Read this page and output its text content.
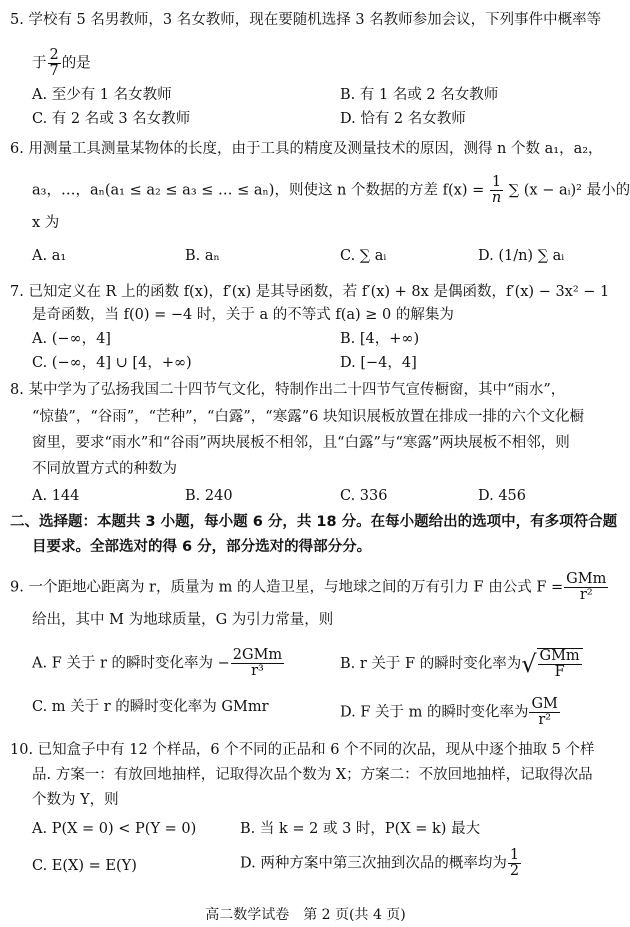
5. 学校有 5 名男教师，3 名女教师，现在要随机选择 3 名教师参加会议，下列事件中概率等
于 $\frac{2}{7}$ 的是
A. 至少有 1 名女教师	B. 有 1 名或 2 名女教师
C. 有 2 名或 3 名女教师	D. 恰有 2 名女教师
6. 用测量工具测量某物体的长度，由于工具的精度及测量技术的原因，测得 n 个数 a₁，a₂，
a₃，…，aₙ(a₁ ≤ a₂ ≤ a₃ ≤ … ≤ aₙ)，则使这 n 个数据的方差 $f(x) = \frac{1}{n}$ ∑ (x − aᵢ)² 最小的
x 为
A. a₁	B. aₙ	C. ∑ aᵢ	D. (1/n) ∑ aᵢ
7. 已知定义在 R 上的函数 f(x)，f′(x) 是其导函数，若 f′(x) + 8x 是偶函数，f′(x) − 3x² − 1
是奇函数，当 f(0) = −4 时，关于 a 的不等式 f(a) ≥ 0 的解集为
A. (−∞，4]	B. [4，+∞)
C. (−∞，4] ∪ [4，+∞)	D. [−4，4]
8. 某中学为了弘扬我国二十四节气文化，特制作出二十四节气宣传橱窗，其中“雨水”，
“惊蛰”，“谷雨”，“芒种”，“白露”，“寒露”6 块知识展板放置在排成一排的六个文化橱
窗里，要求“雨水”和“谷雨”两块展板不相邻，且“白露”与“寒露”两块展板不相邻，则
不同放置方式的种数为
A. 144	B. 240	C. 336	D. 456
二、选择题：本题共 3 小题，每小题 6 分，共 18 分。在每小题给出的选项中，有多项符合题
目要求。全部选对的得 6 分，部分选对的得部分分。
9. 一个距地心距离为 r，质量为 m 的人造卫星，与地球之间的万有引力 F 由公式 $F = \frac{\text{GMm}}{\text{r²}}$
给出，其中 M 为地球质量，G 为引力常量，则
A. F 关于 r 的瞬时变化率为 − $\frac{\text{2GMm}}{\text{r³}}$	B. r 关于 F 的瞬时变化率为√ $\frac{\text{GMm}}{F}$
C. m 关于 r 的瞬时变化率为 GMmr	D. F 关于 m 的瞬时变化率为 $\frac{GM}{\text{r²}}$
10. 已知盒子中有 12 个样品，6 个不同的正品和 6 个不同的次品，现从中逐个抽取 5 个样
品. 方案一：有放回地抽样，记取得次品个数为 X；方案二：不放回地抽样，记取得次品
个数为 Y，则
A. P(X = 0) < P(Y = 0)	B. 当 k = 2 或 3 时，P(X = k) 最大
C. E(X) = E(Y)	D. 两种方案中第三次抽到次品的概率均为 $\frac{1}{2}$
高二数学试卷　第 2 页(共 4 页)
